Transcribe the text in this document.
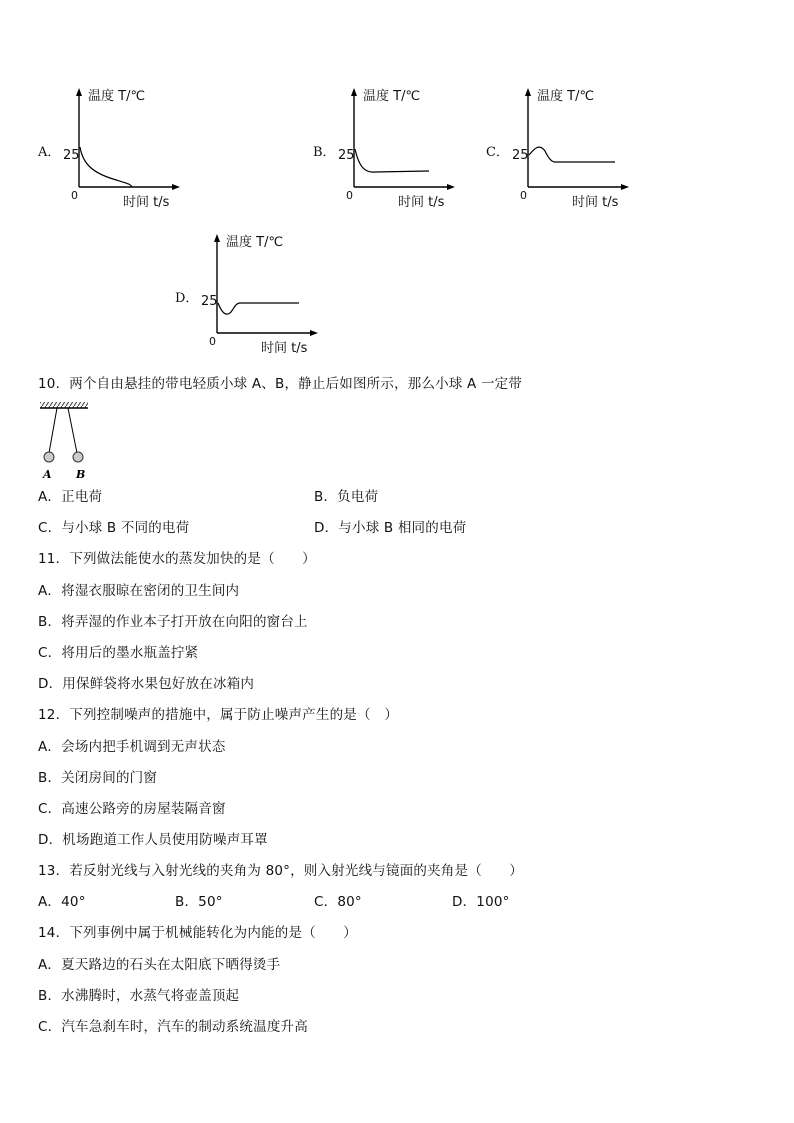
A．	B．	C．
D．
温度 T/℃
25
0	时间 t/s
温度 T/℃
25
0	时间 t/s
温度 T/℃
25
0	时间 t/s
温度 T/℃
25
0	时间 t/s
10．两个自由悬挂的带电轻质小球 A、B，静止后如图所示，那么小球 A 一定带
A B
A．正电荷	B．负电荷
C．与小球 B 不同的电荷	D．与小球 B 相同的电荷
11．下列做法能使水的蒸发加快的是（　　）
A．将湿衣服晾在密闭的卫生间内
B．将弄湿的作业本子打开放在向阳的窗台上
C．将用后的墨水瓶盖拧紧
D．用保鲜袋将水果包好放在冰箱内
12．下列控制噪声的措施中，属于防止噪声产生的是（　）
A．会场内把手机调到无声状态
B．关闭房间的门窗
C．高速公路旁的房屋装隔音窗
D．机场跑道工作人员使用防噪声耳罩
13．若反射光线与入射光线的夹角为 80°，则入射光线与镜面的夹角是（　　）
A．40°	B．50°	C．80°	D．100°
14．下列事例中属于机械能转化为内能的是（　　）
A．夏天路边的石头在太阳底下晒得烫手
B．水沸腾时，水蒸气将壶盖顶起
C．汽车急刹车时，汽车的制动系统温度升高
